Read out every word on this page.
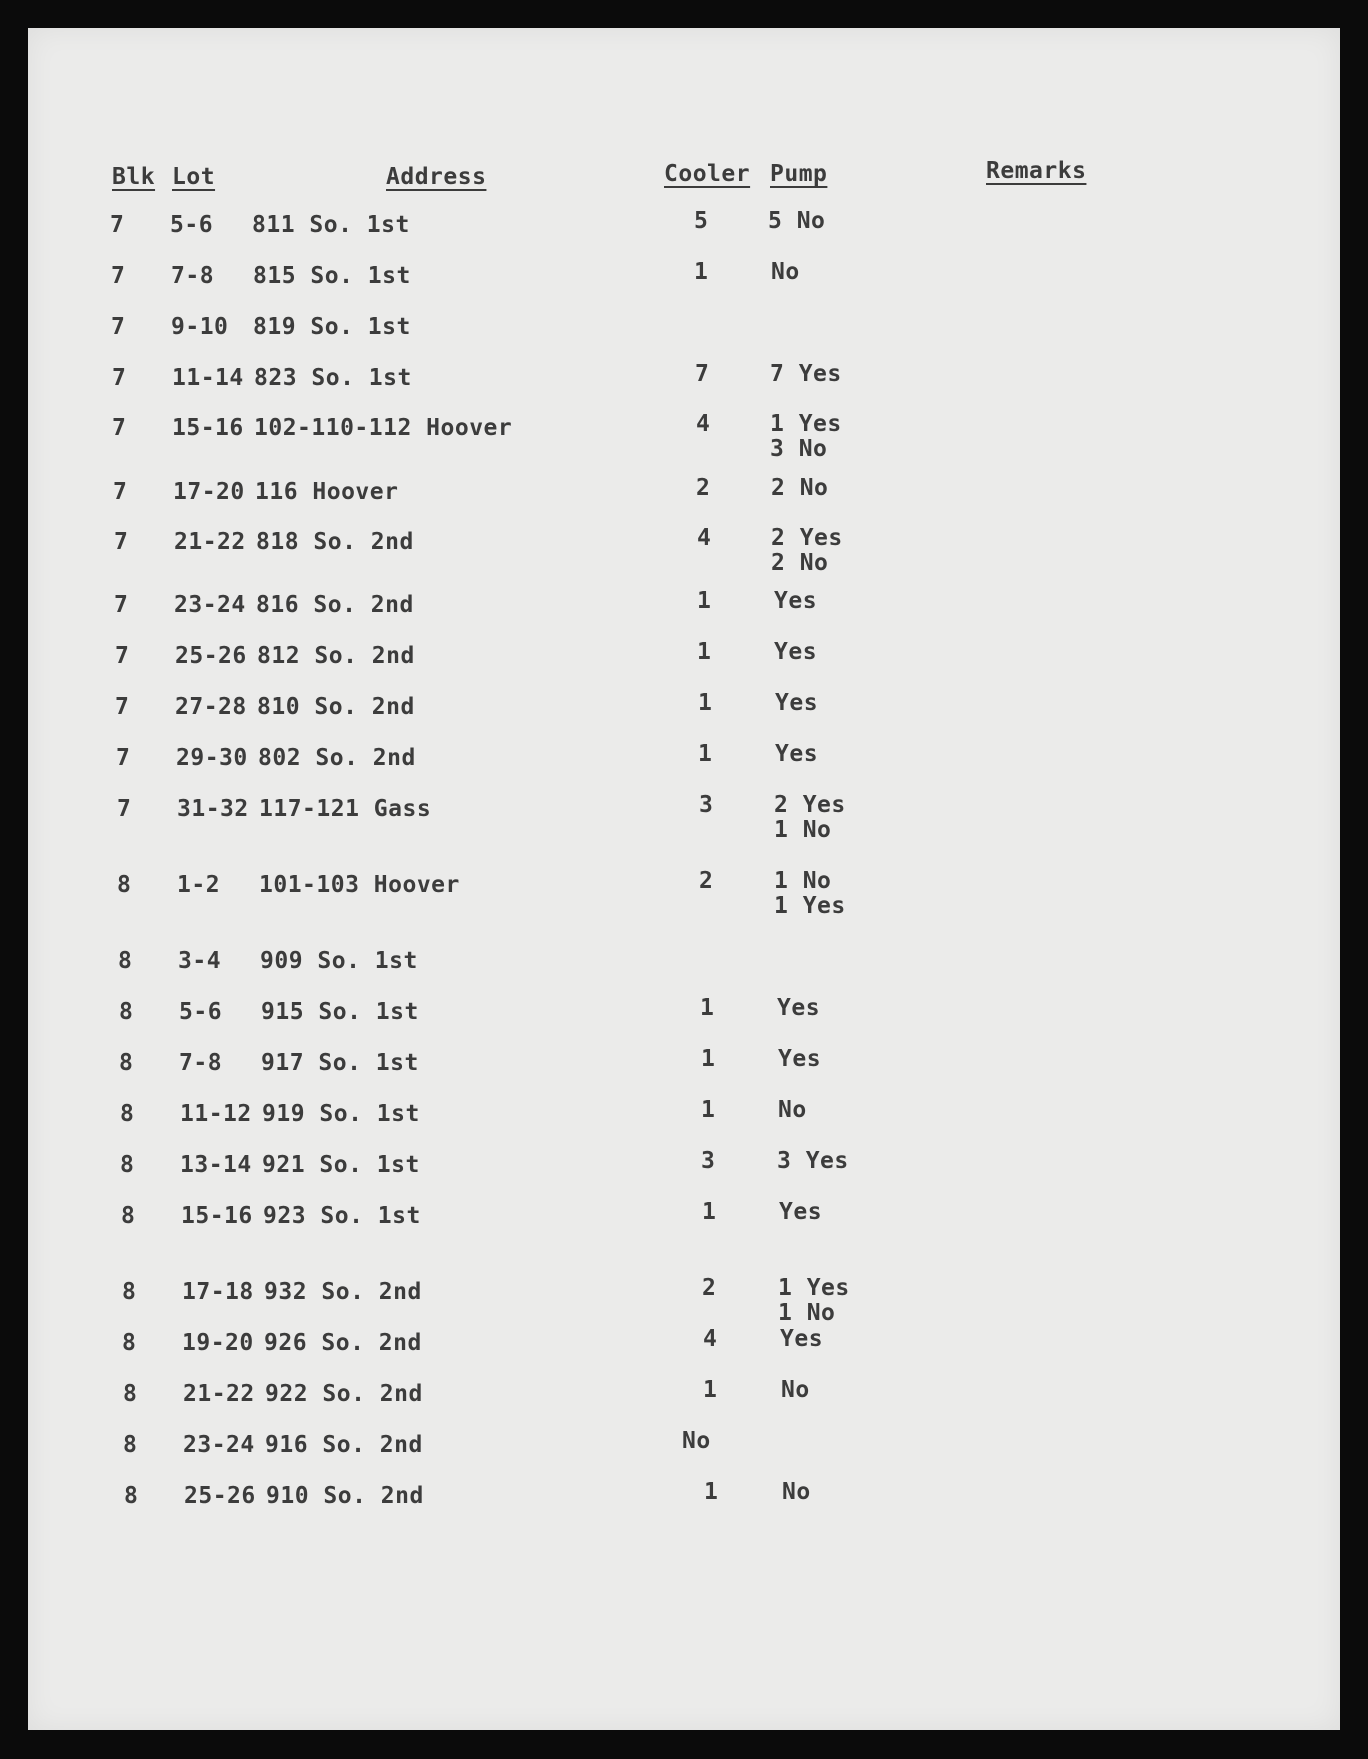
Blk Lot	Address	Cooler Pump	Remarks
7 5-6 811 So. 1st	5	5 No
7 7-8 815 So. 1st	1	No
7 9-10 819 So. 1st
7 11-14 823 So. 1st	7	7 Yes
7 15-16 102-110-112 Hoover	4	1 Yes
3 No
7 17-20 116 Hoover	2	2 No
7 21-22 818 So. 2nd	4	2 Yes
2 No
7 23-24 816 So. 2nd	1	Yes
7 25-26 812 So. 2nd	1	Yes
7 27-28 810 So. 2nd	1	Yes
7 29-30 802 So. 2nd	1	Yes
7 31-32 117-121 Gass	3	2 Yes
1 No
8 1-2 101-103 Hoover	2	1 No
1 Yes
8 3-4 909 So. 1st
8 5-6 915 So. 1st	1	Yes
8 7-8 917 So. 1st	1	Yes
8 11-12 919 So. 1st	1	No
8 13-14 921 So. 1st	3	3 Yes
8 15-16 923 So. 1st	1	Yes
8 17-18 932 So. 2nd	2	1 Yes
1 No
8 19-20 926 So. 2nd	4	Yes
8 21-22 922 So. 2nd	1	No
8 23-24 916 So. 2nd	No
8 25-26 910 So. 2nd	1	No
